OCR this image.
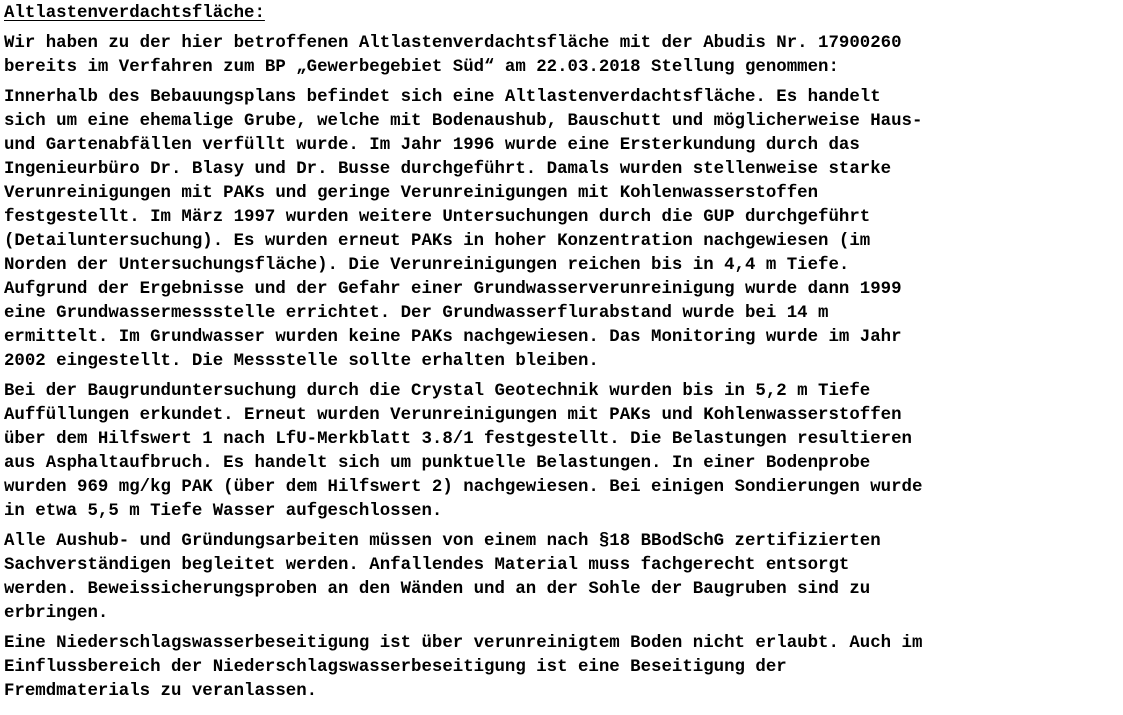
Altlastenverdachtsfläche:

Wir haben zu der hier betroffenen Altlastenverdachtsfläche mit der Abudis Nr. 17900260
bereits im Verfahren zum BP „Gewerbegebiet Süd“ am 22.03.2018 Stellung genommen:

Innerhalb des Bebauungsplans befindet sich eine Altlastenverdachtsfläche. Es handelt
sich um eine ehemalige Grube, welche mit Bodenaushub, Bauschutt und möglicherweise Haus-
und Gartenabfällen verfüllt wurde. Im Jahr 1996 wurde eine Ersterkundung durch das
Ingenieurbüro Dr. Blasy und Dr. Busse durchgeführt. Damals wurden stellenweise starke
Verunreinigungen mit PAKs und geringe Verunreinigungen mit Kohlenwasserstoffen
festgestellt. Im März 1997 wurden weitere Untersuchungen durch die GUP durchgeführt
(Detailuntersuchung). Es wurden erneut PAKs in hoher Konzentration nachgewiesen (im
Norden der Untersuchungsfläche). Die Verunreinigungen reichen bis in 4,4 m Tiefe.
Aufgrund der Ergebnisse und der Gefahr einer Grundwasserverunreinigung wurde dann 1999
eine Grundwassermessstelle errichtet. Der Grundwasserflurabstand wurde bei 14 m
ermittelt. Im Grundwasser wurden keine PAKs nachgewiesen. Das Monitoring wurde im Jahr
2002 eingestellt. Die Messstelle sollte erhalten bleiben.

Bei der Baugrunduntersuchung durch die Crystal Geotechnik wurden bis in 5,2 m Tiefe
Auffüllungen erkundet. Erneut wurden Verunreinigungen mit PAKs und Kohlenwasserstoffen
über dem Hilfswert 1 nach LfU-Merkblatt 3.8/1 festgestellt. Die Belastungen resultieren
aus Asphaltaufbruch. Es handelt sich um punktuelle Belastungen. In einer Bodenprobe
wurden 969 mg/kg PAK (über dem Hilfswert 2) nachgewiesen. Bei einigen Sondierungen wurde
in etwa 5,5 m Tiefe Wasser aufgeschlossen.

Alle Aushub- und Gründungsarbeiten müssen von einem nach §18 BBodSchG zertifizierten
Sachverständigen begleitet werden. Anfallendes Material muss fachgerecht entsorgt
werden. Beweissicherungsproben an den Wänden und an der Sohle der Baugruben sind zu
erbringen.

Eine Niederschlagswasserbeseitigung ist über verunreinigtem Boden nicht erlaubt. Auch im
Einflussbereich der Niederschlagswasserbeseitigung ist eine Beseitigung der
Fremdmaterials zu veranlassen.
